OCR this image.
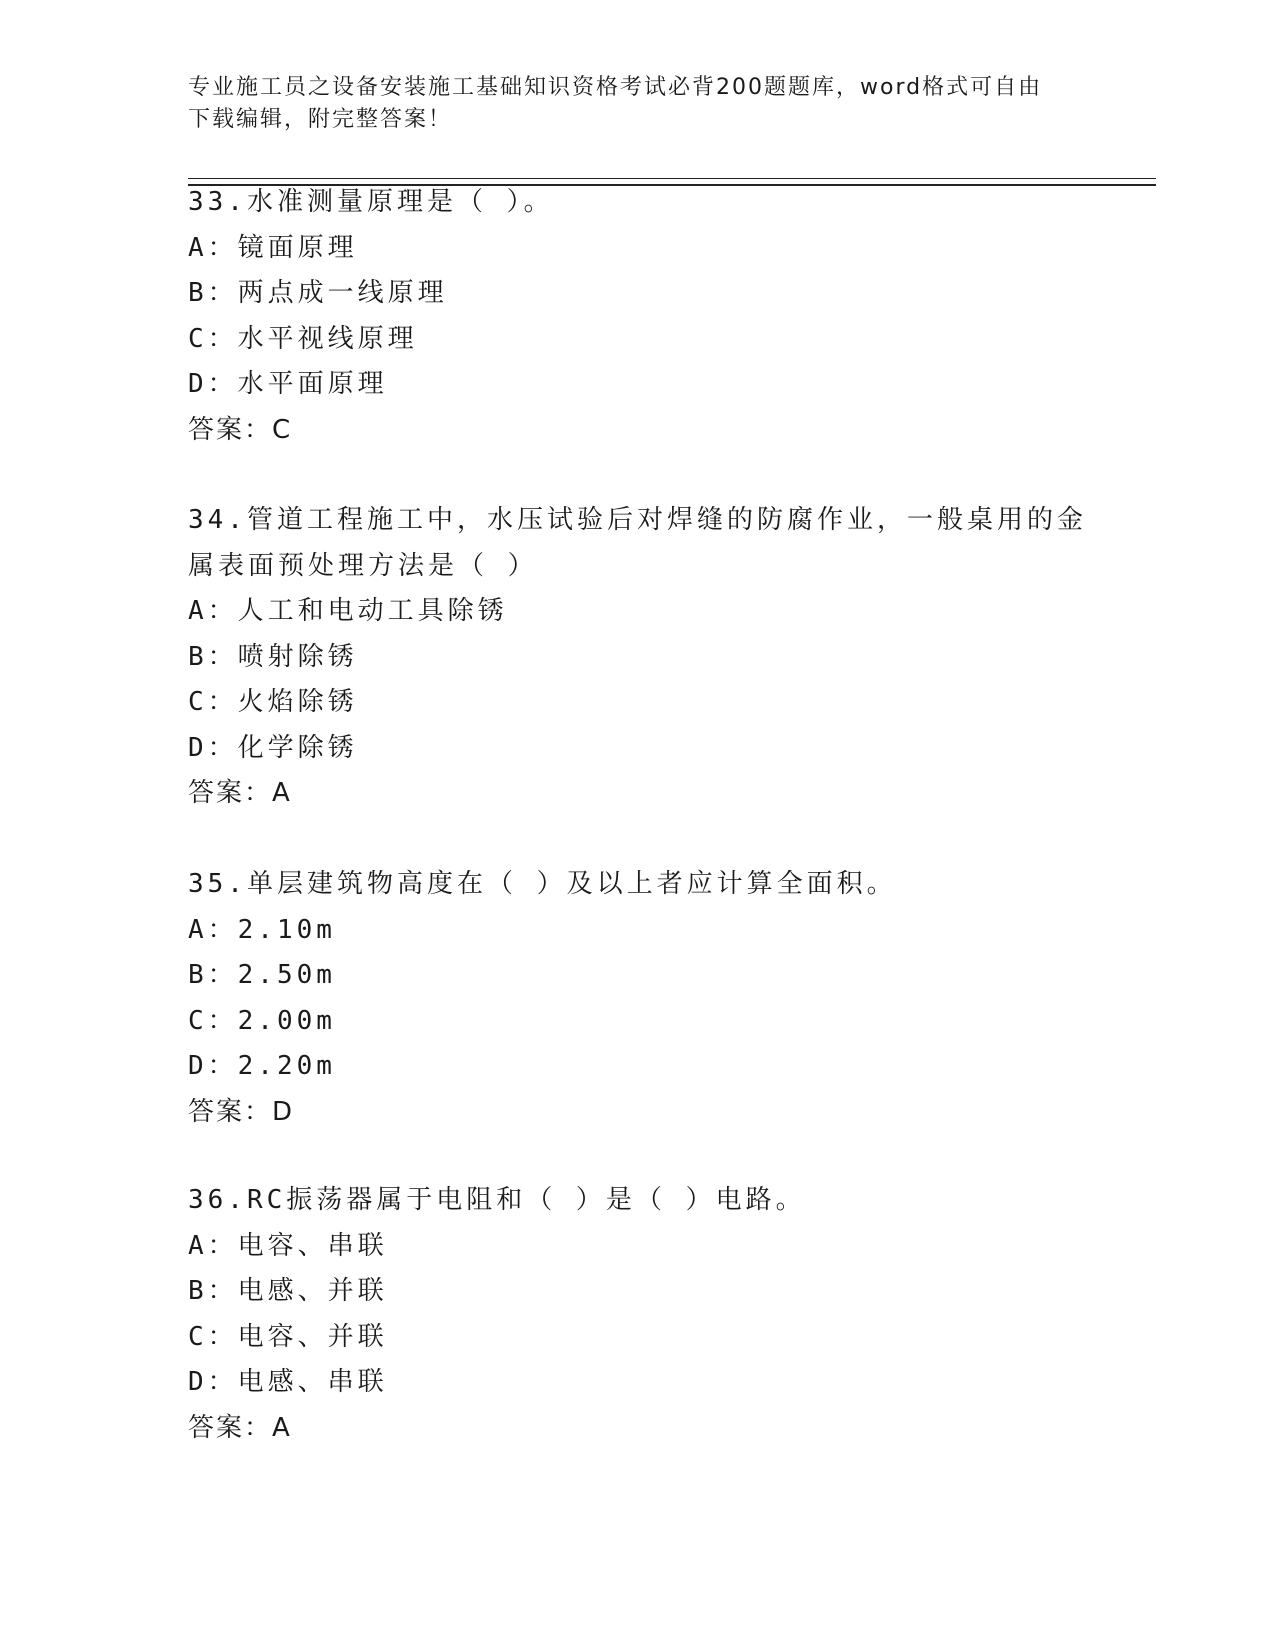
专业施工员之设备安装施工基础知识资格考试必背200题题库，word格式可自由
下载编辑，附完整答案！
33.水准测量原理是（ ）。
A：镜面原理
B：两点成一线原理
C：水平视线原理
D：水平面原理
答案：C
34.管道工程施工中，水压试验后对焊缝的防腐作业，一般桌用的金属表面预处理方法是（ ）
A：人工和电动工具除锈
B：喷射除锈
C：火焰除锈
D：化学除锈
答案：A
35.单层建筑物高度在（ ）及以上者应计算全面积。
A：2.10m
B：2.50m
C：2.00m
D：2.20m
答案：D
36.RC振荡器属于电阻和（ ）是（ ）电路。
A：电容、串联
B：电感、并联
C：电容、并联
D：电感、串联
答案：A
